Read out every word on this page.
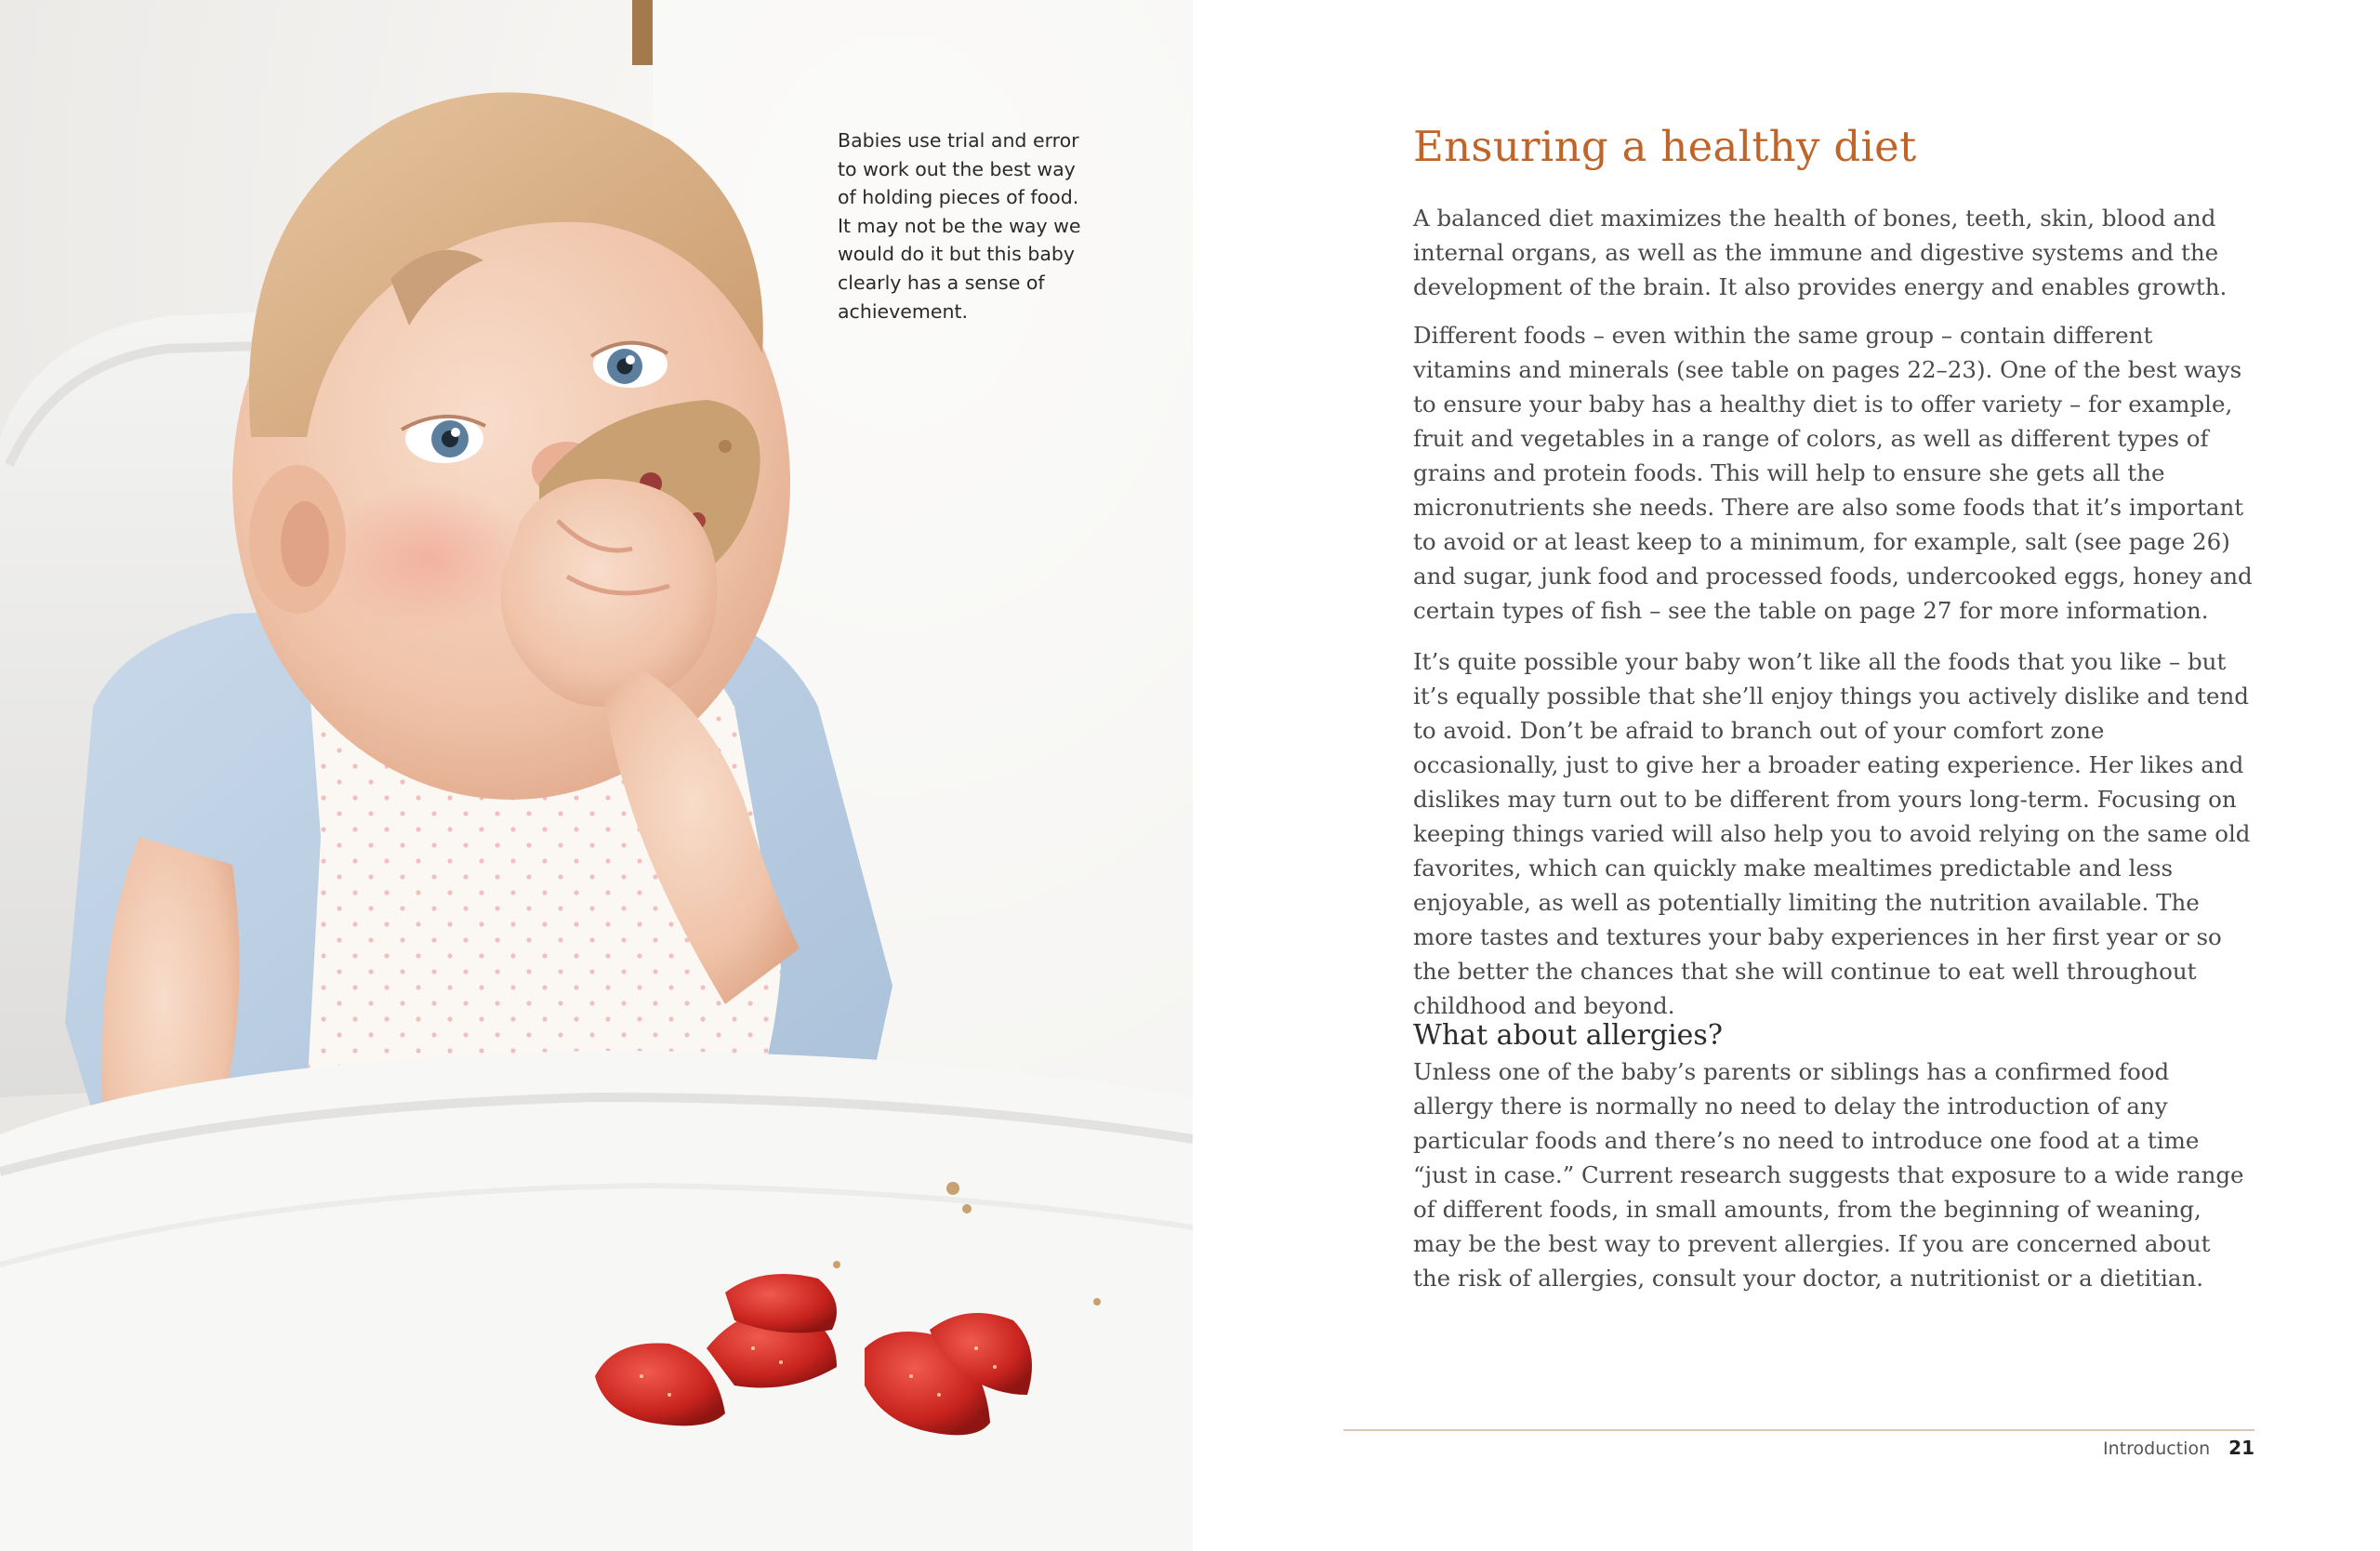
Babies use trial and error to work out the best way of holding pieces of food. It may not be the way we would do it but this baby clearly has a sense of achievement.

Ensuring a healthy diet

A balanced diet maximizes the health of bones, teeth, skin, blood and internal organs, as well as the immune and digestive systems and the development of the brain. It also provides energy and enables growth.

Different foods – even within the same group – contain different vitamins and minerals (see table on pages 22–23). One of the best ways to ensure your baby has a healthy diet is to offer variety – for example, fruit and vegetables in a range of colors, as well as different types of grains and protein foods. This will help to ensure she gets all the micronutrients she needs. There are also some foods that it’s important to avoid or at least keep to a minimum, for example, salt (see page 26) and sugar, junk food and processed foods, undercooked eggs, honey and certain types of fish – see the table on page 27 for more information.

It’s quite possible your baby won’t like all the foods that you like – but it’s equally possible that she’ll enjoy things you actively dislike and tend to avoid. Don’t be afraid to branch out of your comfort zone occasionally, just to give her a broader eating experience. Her likes and dislikes may turn out to be different from yours long-term. Focusing on keeping things varied will also help you to avoid relying on the same old favorites, which can quickly make mealtimes predictable and less enjoyable, as well as potentially limiting the nutrition available. The more tastes and textures your baby experiences in her first year or so the better the chances that she will continue to eat well throughout childhood and beyond.

What about allergies?

Unless one of the baby’s parents or siblings has a confirmed food allergy there is normally no need to delay the introduction of any particular foods and there’s no need to introduce one food at a time “just in case.” Current research suggests that exposure to a wide range of different foods, in small amounts, from the beginning of weaning, may be the best way to prevent allergies. If you are concerned about the risk of allergies, consult your doctor, a nutritionist or a dietitian.

Introduction 21
